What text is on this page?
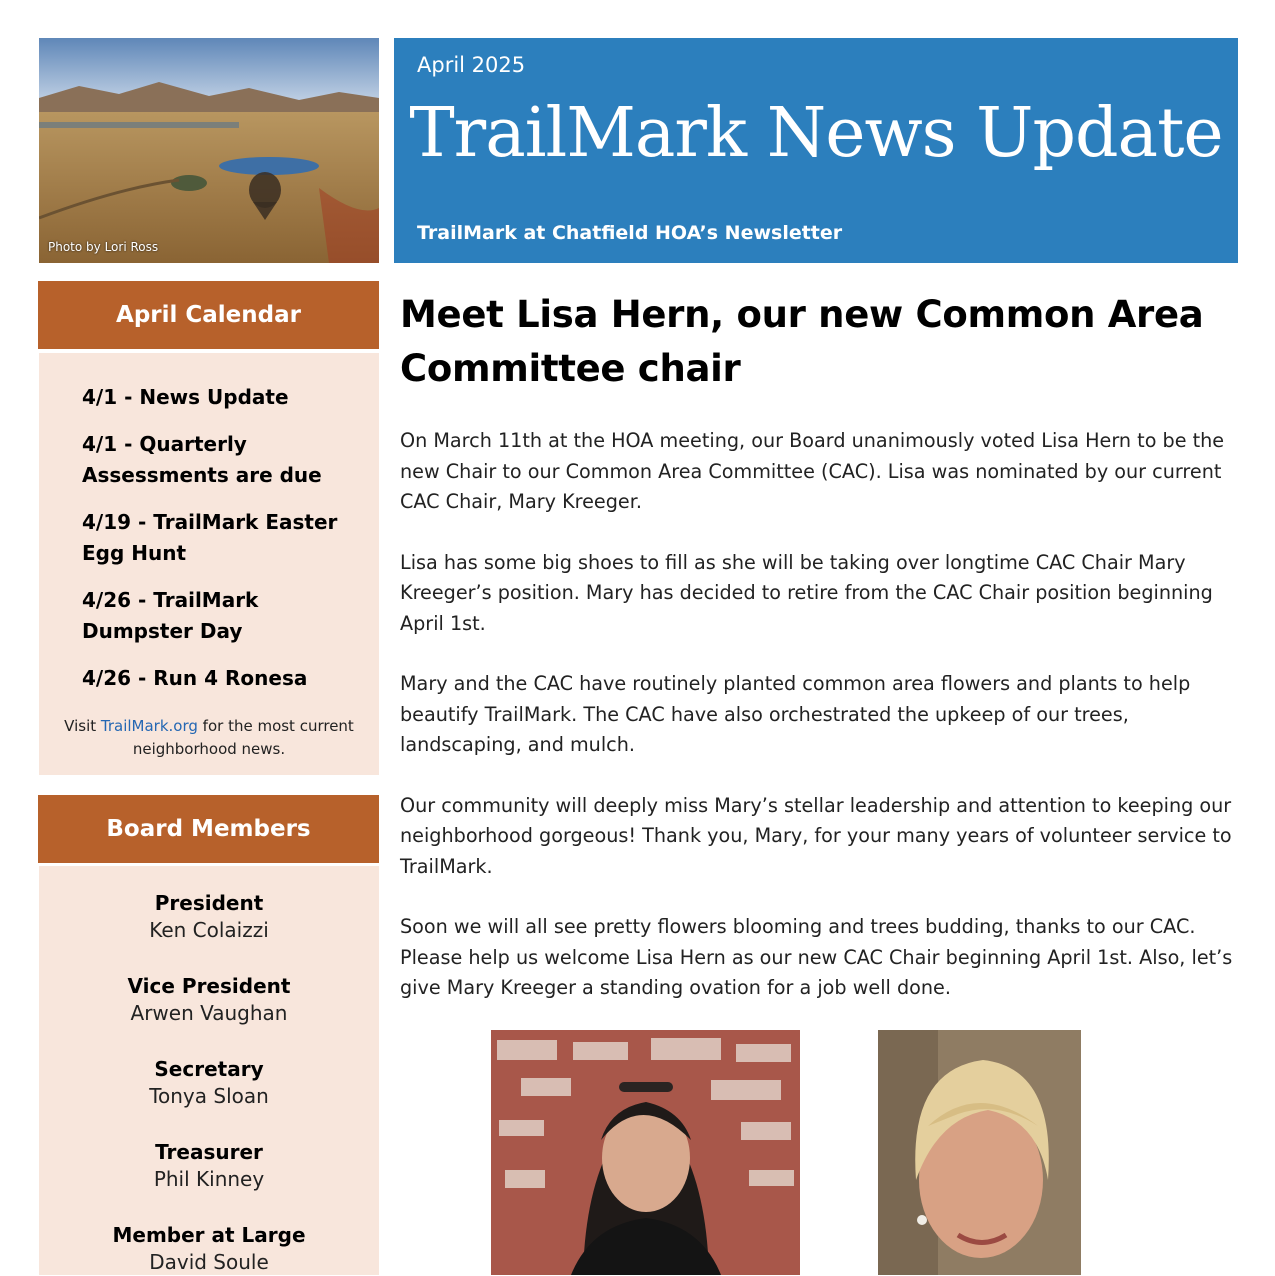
Photo by Lori Ross
April 2025
TrailMark News Update
TrailMark at Chatfield HOA’s Newsletter
April Calendar
4/1 - News Update
4/1 - Quarterly Assessments are due
4/19 - TrailMark Easter Egg Hunt
4/26 - TrailMark Dumpster Day
4/26 - Run 4 Ronesa
Visit TrailMark.org for the most current neighborhood news.
Board Members
President
Ken Colaizzi
Vice President
Arwen Vaughan
Secretary
Tonya Sloan
Treasurer
Phil Kinney
Member at Large
David Soule
Meet Lisa Hern, our new Common Area Committee chair

On March 11th at the HOA meeting, our Board unanimously voted Lisa Hern to be the new Chair to our Common Area Committee (CAC). Lisa was nominated by our current CAC Chair, Mary Kreeger.

Lisa has some big shoes to fill as she will be taking over longtime CAC Chair Mary Kreeger’s position. Mary has decided to retire from the CAC Chair position beginning April 1st.

Mary and the CAC have routinely planted common area flowers and plants to help beautify TrailMark. The CAC have also orchestrated the upkeep of our trees, landscaping, and mulch.

Our community will deeply miss Mary’s stellar leadership and attention to keeping our neighborhood gorgeous! Thank you, Mary, for your many years of volunteer service to TrailMark.

Soon we will all see pretty flowers blooming and trees budding, thanks to our CAC. Please help us welcome Lisa Hern as our new CAC Chair beginning April 1st. Also, let’s give Mary Kreeger a standing ovation for a job well done.
